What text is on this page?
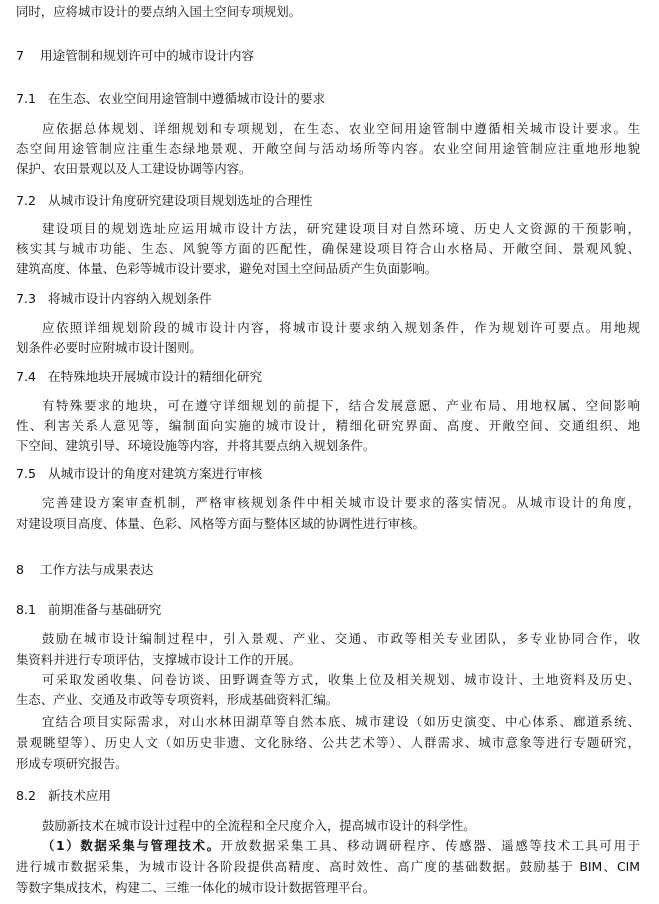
同时，应将城市设计的要点纳入国土空间专项规划。
7 用途管制和规划许可中的城市设计内容
7.1 在生态、农业空间用途管制中遵循城市设计的要求
应依据总体规划、详细规划和专项规划，在生态、农业空间用途管制中遵循相关城市设计要求。生
态空间用途管制应注重生态绿地景观、开敞空间与活动场所等内容。农业空间用途管制应注重地形地貌
保护、农田景观以及人工建设协调等内容。
7.2 从城市设计角度研究建设项目规划选址的合理性
建设项目的规划选址应运用城市设计方法，研究建设项目对自然环境、历史人文资源的干预影响，
核实其与城市功能、生态、风貌等方面的匹配性，确保建设项目符合山水格局、开敞空间、景观风貌、
建筑高度、体量、色彩等城市设计要求，避免对国土空间品质产生负面影响。
7.3 将城市设计内容纳入规划条件
应依照详细规划阶段的城市设计内容，将城市设计要求纳入规划条件，作为规划许可要点。用地规
划条件必要时应附城市设计图则。
7.4 在特殊地块开展城市设计的精细化研究
有特殊要求的地块，可在遵守详细规划的前提下，结合发展意愿、产业布局、用地权属、空间影响
性、利害关系人意见等，编制面向实施的城市设计，精细化研究界面、高度、开敞空间、交通组织、地
下空间、建筑引导、环境设施等内容，并将其要点纳入规划条件。
7.5 从城市设计的角度对建筑方案进行审核
完善建设方案审查机制，严格审核规划条件中相关城市设计要求的落实情况。从城市设计的角度，
对建设项目高度、体量、色彩、风格等方面与整体区域的协调性进行审核。
8 工作方法与成果表达
8.1 前期准备与基础研究
鼓励在城市设计编制过程中，引入景观、产业、交通、市政等相关专业团队，多专业协同合作，收
集资料并进行专项评估，支撑城市设计工作的开展。
可采取发函收集、问卷访谈、田野调查等方式，收集上位及相关规划、城市设计、土地资料及历史、
生态、产业、交通及市政等专项资料，形成基础资料汇编。
宜结合项目实际需求，对山水林田湖草等自然本底、城市建设（如历史演变、中心体系、廊道系统、
景观眺望等）、历史人文（如历史非遗、文化脉络、公共艺术等）、人群需求、城市意象等进行专题研究，
形成专项研究报告。
8.2 新技术应用
鼓励新技术在城市设计过程中的全流程和全尺度介入，提高城市设计的科学性。
（1）数据采集与管理技术。开放数据采集工具、移动调研程序、传感器、遥感等技术工具可用于
进行城市数据采集，为城市设计各阶段提供高精度、高时效性、高广度的基础数据。鼓励基于 BIM、CIM
等数字集成技术，构建二、三维一体化的城市设计数据管理平台。
